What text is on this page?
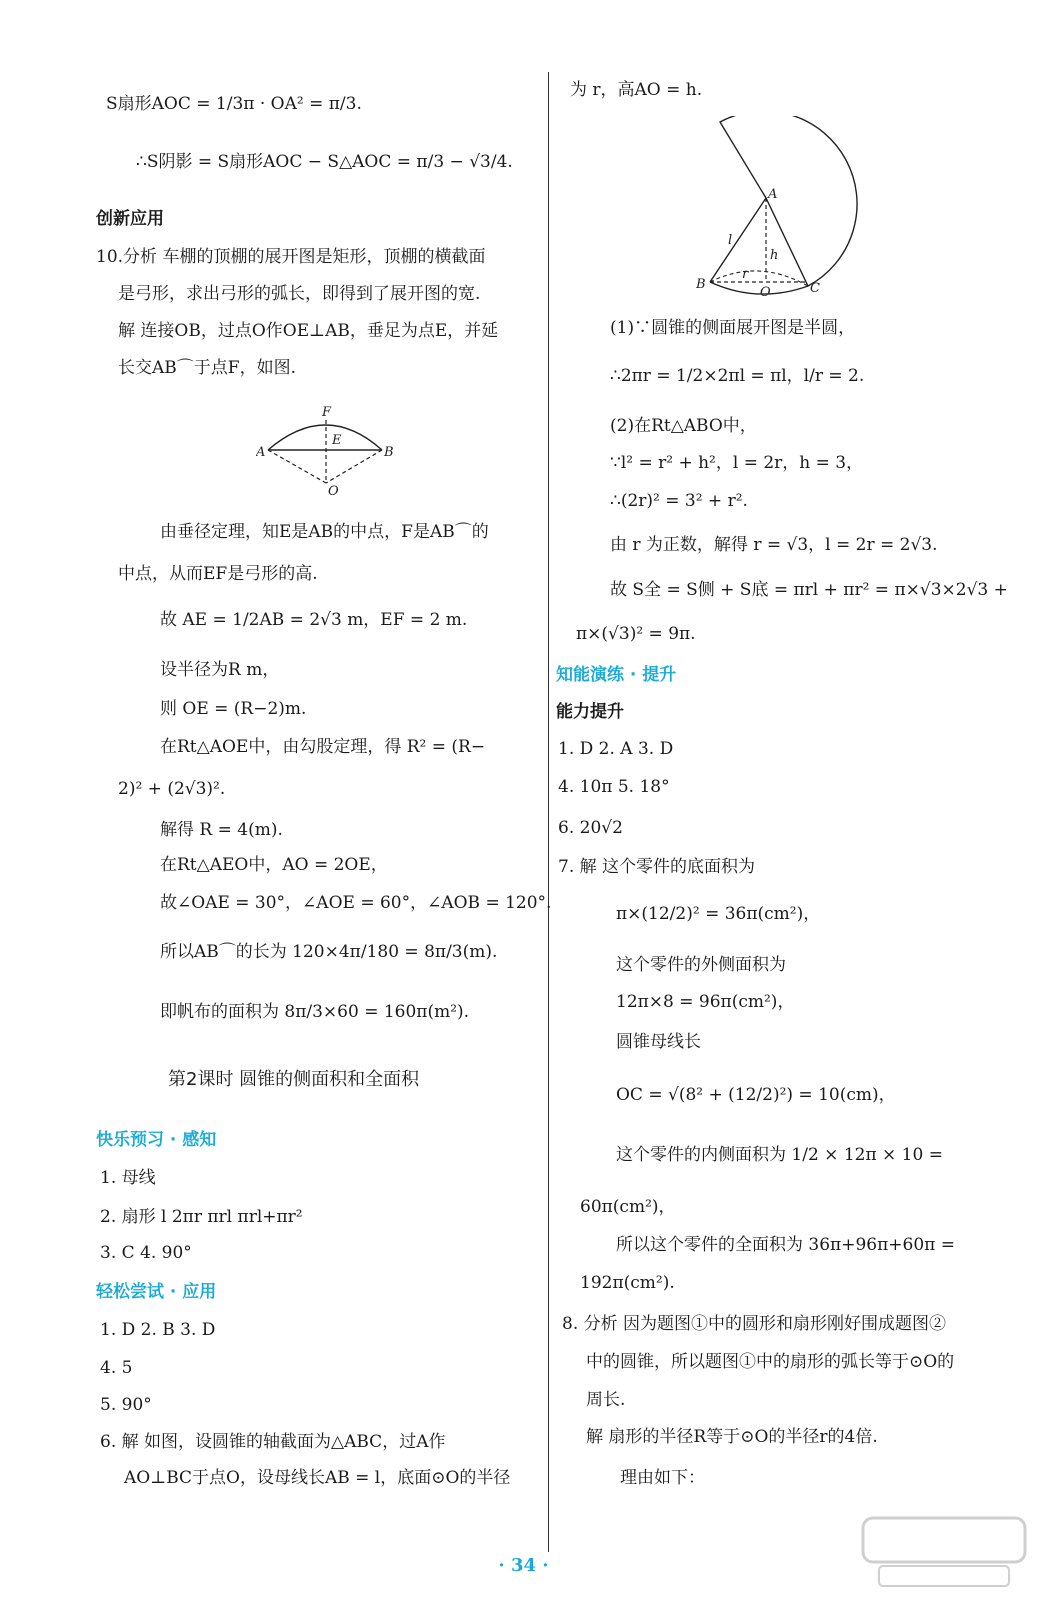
S扇形AOC = 1/3π · OA² = π/3.
∴S阴影 = S扇形AOC − S△AOC = π/3 − √3/4.
创新应用
10.分析 车棚的顶棚的展开图是矩形，顶棚的横截面
是弓形，求出弓形的弧长，即得到了展开图的宽.
解 连接OB，过点O作OE⊥AB，垂足为点E，并延
长交AB⌒于点F，如图.
F
E
A	B
O
由垂径定理，知E是AB的中点，F是AB⌒的
中点，从而EF是弓形的高.
故 AE = 1/2AB = 2√3 m，EF = 2 m.
设半径为R m，
则 OE = (R−2)m.
在Rt△AOE中，由勾股定理，得 R² = (R−
2)² + (2√3)².
解得 R = 4(m).
在Rt△AEO中，AO = 2OE，
故∠OAE = 30°，∠AOE = 60°，∠AOB = 120°.
所以AB⌒的长为 120×4π/180 = 8π/3(m).
即帆布的面积为 8π/3×60 = 160π(m²).
第2课时 圆锥的侧面积和全面积
快乐预习 · 感知
1. 母线
2. 扇形 l 2πr πrl πrl+πr²
3. C 4. 90°
轻松尝试 · 应用
1. D 2. B 3. D
4. 5
5. 90°
6. 解 如图，设圆锥的轴截面为△ABC，过A作
AO⊥BC于点O，设母线长AB = l，底面⊙O的半径
为 r，高AO = h.
A
l
h
r
B
O	C
(1)∵圆锥的侧面展开图是半圆，
∴2πr = 1/2×2πl = πl，l/r = 2.
(2)在Rt△ABO中，
∵l² = r² + h²，l = 2r，h = 3，
∴(2r)² = 3² + r².
由 r 为正数，解得 r = √3，l = 2r = 2√3.
故 S全 = S侧 + S底 = πrl + πr² = π×√3×2√3 +
π×(√3)² = 9π.
知能演练 · 提升
能力提升
1. D 2. A 3. D
4. 10π 5. 18°
6. 20√2
7. 解 这个零件的底面积为
π×(12/2)² = 36π(cm²)，
这个零件的外侧面积为
12π×8 = 96π(cm²)，
圆锥母线长
OC = √(8² + (12/2)²) = 10(cm)，
这个零件的内侧面积为 1/2 × 12π × 10 =
60π(cm²)，
所以这个零件的全面积为 36π+96π+60π =
192π(cm²).
8. 分析 因为题图①中的圆形和扇形刚好围成题图②
中的圆锥，所以题图①中的扇形的弧长等于⊙O的
周长.
解 扇形的半径R等于⊙O的半径r的4倍.
理由如下：
· 34 ·
